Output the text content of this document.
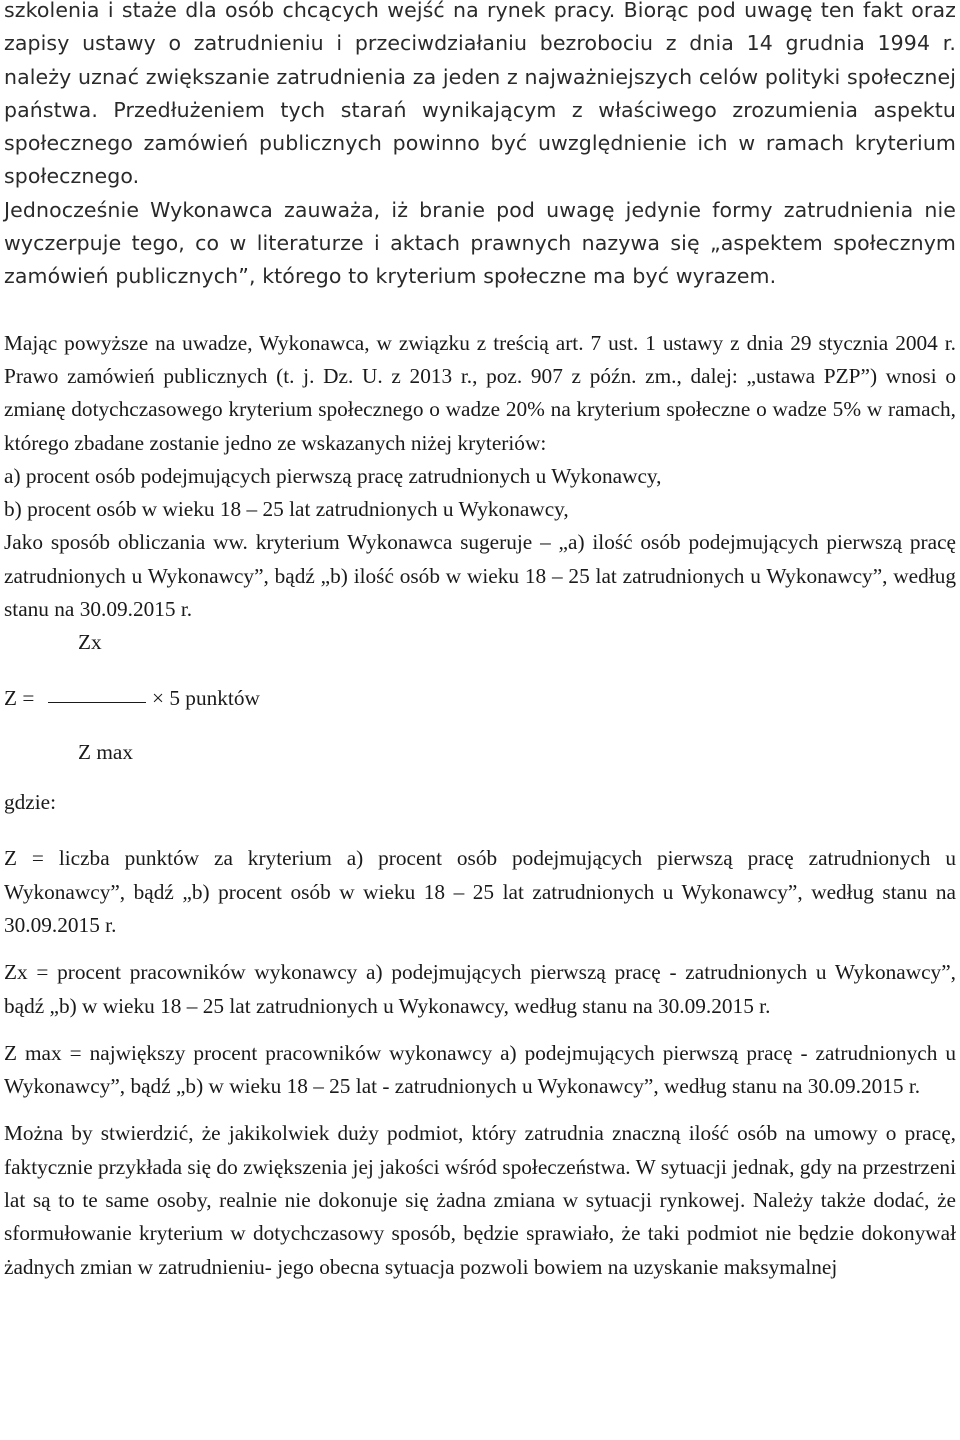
szkolenia i staże dla osób chcących wejść na rynek pracy. Biorąc pod uwagę ten fakt oraz zapisy ustawy o zatrudnieniu i przeciwdziałaniu bezrobociu z dnia 14 grudnia 1994 r. należy uznać zwiększanie zatrudnienia za jeden z najważniejszych celów polityki społecznej państwa. Przedłużeniem tych starań wynikającym z właściwego zrozumienia aspektu społecznego zamówień publicznych powinno być uwzględnienie ich w ramach kryterium społecznego.

Jednocześnie Wykonawca zauważa, iż branie pod uwagę jedynie formy zatrudnienia nie wyczerpuje tego, co w literaturze i aktach prawnych nazywa się „aspektem społecznym zamówień publicznych”, którego to kryterium społeczne ma być wyrazem.

Mając powyższe na uwadze, Wykonawca, w związku z treścią art. 7 ust. 1 ustawy z dnia 29 stycznia 2004 r. Prawo zamówień publicznych (t. j. Dz. U. z 2013 r., poz. 907 z późn. zm., dalej: „ustawa PZP”) wnosi o zmianę dotychczasowego kryterium społecznego o wadze 20% na kryterium społeczne o wadze 5% w ramach, którego zbadane zostanie jedno ze wskazanych niżej kryteriów:

a) procent osób podejmujących pierwszą pracę zatrudnionych u Wykonawcy,

b) procent osób w wieku 18 – 25 lat zatrudnionych u Wykonawcy,

Jako sposób obliczania ww. kryterium Wykonawca sugeruje – „a) ilość osób podejmujących pierwszą pracę zatrudnionych u Wykonawcy”, bądź „b) ilość osób w wieku 18 – 25 lat zatrudnionych u Wykonawcy”, według stanu na 30.09.2015 r.

Zx
Z =	× 5 punktów
Z max
gdzie:

Z = liczba punktów za kryterium a) procent osób podejmujących pierwszą pracę zatrudnionych u Wykonawcy”, bądź „b) procent osób w wieku 18 – 25 lat zatrudnionych u Wykonawcy”, według stanu na 30.09.2015 r.

Zx = procent pracowników wykonawcy a) podejmujących pierwszą pracę - zatrudnionych u Wykonawcy”, bądź „b) w wieku 18 – 25 lat zatrudnionych u Wykonawcy, według stanu na 30.09.2015 r.

Z max = największy procent pracowników wykonawcy a) podejmujących pierwszą pracę - zatrudnionych u Wykonawcy”, bądź „b) w wieku 18 – 25 lat - zatrudnionych u Wykonawcy”, według stanu na 30.09.2015 r.

Można by stwierdzić, że jakikolwiek duży podmiot, który zatrudnia znaczną ilość osób na umowy o pracę, faktycznie przykłada się do zwiększenia jej jakości wśród społeczeństwa. W sytuacji jednak, gdy na przestrzeni lat są to te same osoby, realnie nie dokonuje się żadna zmiana w sytuacji rynkowej. Należy także dodać, że sformułowanie kryterium w dotychczasowy sposób, będzie sprawiało, że taki podmiot nie będzie dokonywał żadnych zmian w zatrudnieniu- jego obecna sytuacja pozwoli bowiem na uzyskanie maksymalnej
